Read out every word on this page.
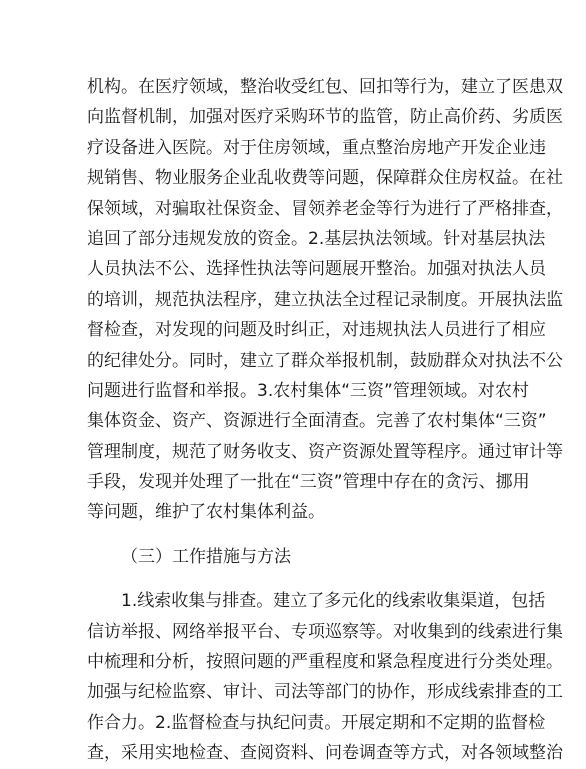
机构。在医疗领域，整治收受红包、回扣等行为，建立了医患双
向监督机制，加强对医疗采购环节的监管，防止高价药、劣质医
疗设备进入医院。对于住房领域，重点整治房地产开发企业违
规销售、物业服务企业乱收费等问题，保障群众住房权益。在社
保领域，对骗取社保资金、冒领养老金等行为进行了严格排查，
追回了部分违规发放的资金。2.基层执法领域。针对基层执法
人员执法不公、选择性执法等问题展开整治。加强对执法人员
的培训，规范执法程序，建立执法全过程记录制度。开展执法监
督检查，对发现的问题及时纠正，对违规执法人员进行了相应
的纪律处分。同时，建立了群众举报机制，鼓励群众对执法不公
问题进行监督和举报。3.农村集体“三资”管理领域。对农村
集体资金、资产、资源进行全面清查。完善了农村集体“三资”
管理制度，规范了财务收支、资产资源处置等程序。通过审计等
手段，发现并处理了一批在“三资”管理中存在的贪污、挪用
等问题，维护了农村集体利益。
（三）工作措施与方法
1.线索收集与排查。建立了多元化的线索收集渠道，包括
信访举报、网络举报平台、专项巡察等。对收集到的线索进行集
中梳理和分析，按照问题的严重程度和紧急程度进行分类处理。
加强与纪检监察、审计、司法等部门的协作，形成线索排查的工
作合力。2.监督检查与执纪问责。开展定期和不定期的监督检
查，采用实地检查、查阅资料、问卷调查等方式，对各领域整治
